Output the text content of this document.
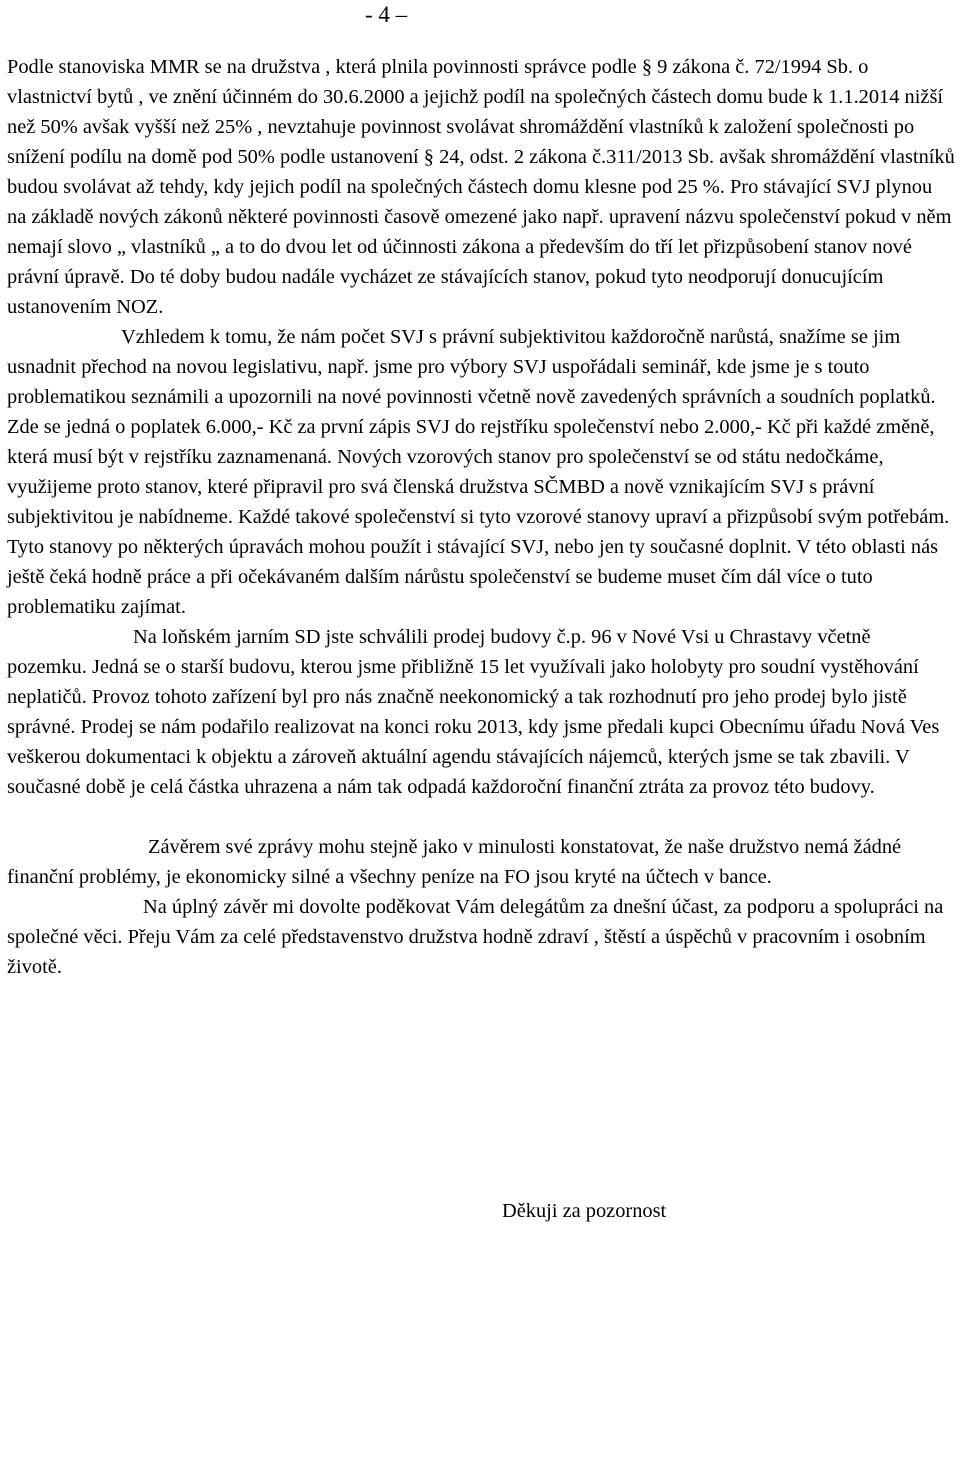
- 4 –

Podle stanoviska MMR se na družstva , která plnila povinnosti správce podle § 9 zákona č. 72/1994 Sb. o vlastnictví bytů , ve znění účinném do 30.6.2000 a jejichž podíl na společných částech domu bude k 1.1.2014 nižší než 50% avšak vyšší než 25% , nevztahuje povinnost svolávat shromáždění vlastníků k založení společnosti po snížení podílu na domě pod 50% podle ustanovení § 24, odst. 2 zákona č.311/2013 Sb. avšak shromáždění vlastníků budou svolávat až tehdy, kdy jejich podíl na společných částech domu klesne pod 25 %. Pro stávající SVJ plynou na základě nových zákonů některé povinnosti časově omezené jako např. upravení názvu společenství pokud v něm nemají slovo „ vlastníků „ a to do dvou let od účinnosti zákona a především do tří let přizpůsobení stanov nové právní úpravě. Do té doby budou nadále vycházet ze stávajících stanov, pokud tyto neodporují donucujícím ustanovením NOZ.

Vzhledem k tomu, že nám počet SVJ s právní subjektivitou každoročně narůstá, snažíme se jim usnadnit přechod na novou legislativu, např. jsme pro výbory SVJ uspořádali seminář, kde jsme je s touto problematikou seznámili a upozornili na nové povinnosti včetně nově zavedených správních a soudních poplatků. Zde se jedná o poplatek 6.000,- Kč za první zápis SVJ do rejstříku společenství nebo 2.000,- Kč při každé změně, která musí být v rejstříku zaznamenaná. Nových vzorových stanov pro společenství se od státu nedočkáme, využijeme proto stanov, které připravil pro svá členská družstva SČMBD a nově vznikajícím SVJ s právní subjektivitou je nabídneme. Každé takové společenství si tyto vzorové stanovy upraví a přizpůsobí svým potřebám. Tyto stanovy po některých úpravách mohou použít i stávající SVJ, nebo jen ty současné doplnit. V této oblasti nás ještě čeká hodně práce a při očekávaném dalším nárůstu společenství se budeme muset čím dál více o tuto problematiku zajímat.

Na loňském jarním SD jste schválili prodej budovy č.p. 96 v Nové Vsi u Chrastavy včetně pozemku. Jedná se o starší budovu, kterou jsme přibližně 15 let využívali jako holobyty pro soudní vystěhování neplatičů. Provoz tohoto zařízení byl pro nás značně neekonomický a tak rozhodnutí pro jeho prodej bylo jistě správné. Prodej se nám podařilo realizovat na konci roku 2013, kdy jsme předali kupci Obecnímu úřadu Nová Ves veškerou dokumentaci k objektu a zároveň aktuální agendu stávajících nájemců, kterých jsme se tak zbavili. V současné době je celá částka uhrazena a nám tak odpadá každoroční finanční ztráta za provoz této budovy.

Závěrem své zprávy mohu stejně jako v minulosti konstatovat, že naše družstvo nemá žádné finanční problémy, je ekonomicky silné a všechny peníze na FO jsou kryté na účtech v bance.

Na úplný závěr mi dovolte poděkovat Vám delegátům za dnešní účast, za podporu a spolupráci na společné věci. Přeju Vám za celé představenstvo družstva hodně zdraví , štěstí a úspěchů v pracovním i osobním životě.

Děkuji za pozornost
